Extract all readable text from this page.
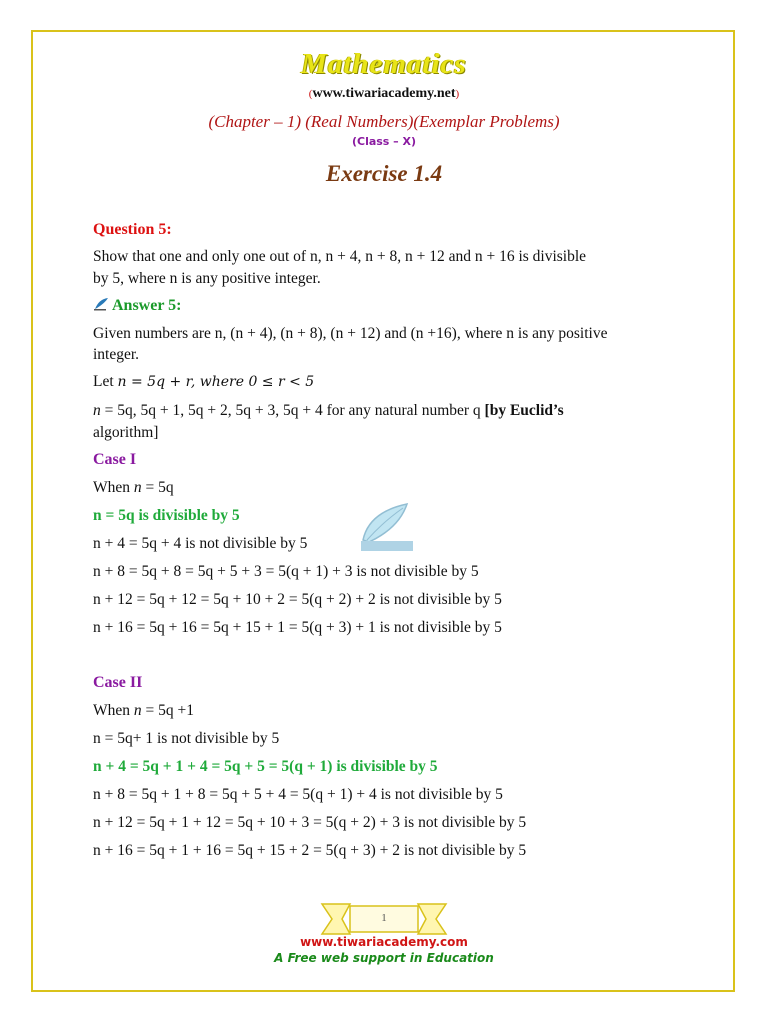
Mathematics
(www.tiwariacademy.net)
(Chapter – 1) (Real Numbers)(Exemplar Problems)
(Class – X)
Exercise 1.4
Question 5:
Show that one and only one out of n, n + 4, n + 8, n + 12 and n + 16 is divisible
by 5, where n is any positive integer.
Answer 5:
Given numbers are n, (n + 4), (n + 8), (n + 12) and (n +16), where n is any positive
integer.
Let n = 5q + r, where 0 ≤ r < 5
n = 5q, 5q + 1, 5q + 2, 5q + 3, 5q + 4 for any natural number q [by Euclid’s
algorithm]
Case I
When n = 5q
n = 5q is divisible by 5
n + 4 = 5q + 4 is not divisible by 5
n + 8 = 5q + 8 = 5q + 5 + 3 = 5(q + 1) + 3 is not divisible by 5
n + 12 = 5q + 12 = 5q + 10 + 2 = 5(q + 2) + 2 is not divisible by 5
n + 16 = 5q + 16 = 5q + 15 + 1 = 5(q + 3) + 1 is not divisible by 5
Case II
When n = 5q +1
n = 5q+ 1 is not divisible by 5
n + 4 = 5q + 1 + 4 = 5q + 5 = 5(q + 1) is divisible by 5
n + 8 = 5q + 1 + 8 = 5q + 5 + 4 = 5(q + 1) + 4 is not divisible by 5
n + 12 = 5q + 1 + 12 = 5q + 10 + 3 = 5(q + 2) + 3 is not divisible by 5
n + 16 = 5q + 1 + 16 = 5q + 15 + 2 = 5(q + 3) + 2 is not divisible by 5
1
www.tiwariacademy.com
A Free web support in Education
